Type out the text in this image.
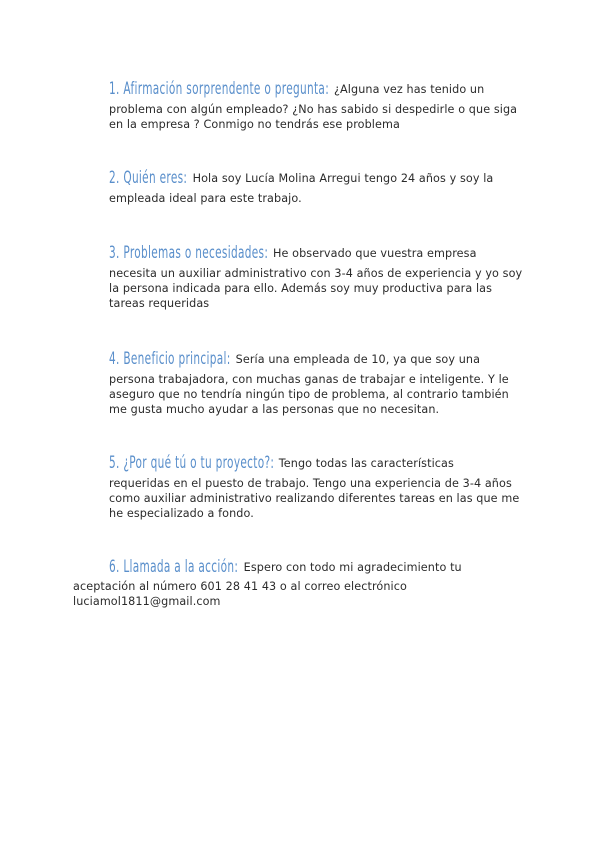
1. Afirmación sorprendente o pregunta: ¿Alguna vez has tenido un
problema con algún empleado? ¿No has sabido si despedirle o que siga
en la empresa ? Conmigo no tendrás ese problema
2. Quién eres: Hola soy Lucía Molina Arregui tengo 24 años y soy la
empleada ideal para este trabajo.
3. Problemas o necesidades: He observado que vuestra empresa
necesita un auxiliar administrativo con 3-4 años de experiencia y yo soy
la persona indicada para ello. Además soy muy productiva para las
tareas requeridas
4. Beneficio principal: Sería una empleada de 10, ya que soy una
persona trabajadora, con muchas ganas de trabajar e inteligente. Y le
aseguro que no tendría ningún tipo de problema, al contrario también
me gusta mucho ayudar a las personas que no necesitan.
5. ¿Por qué tú o tu proyecto?: Tengo todas las características
requeridas en el puesto de trabajo. Tengo una experiencia de 3-4 años
como auxiliar administrativo realizando diferentes tareas en las que me
he especializado a fondo.
6. Llamada a la acción: Espero con todo mi agradecimiento tu
aceptación al número 601 28 41 43 o al correo electrónico
luciamol1811@gmail.com
